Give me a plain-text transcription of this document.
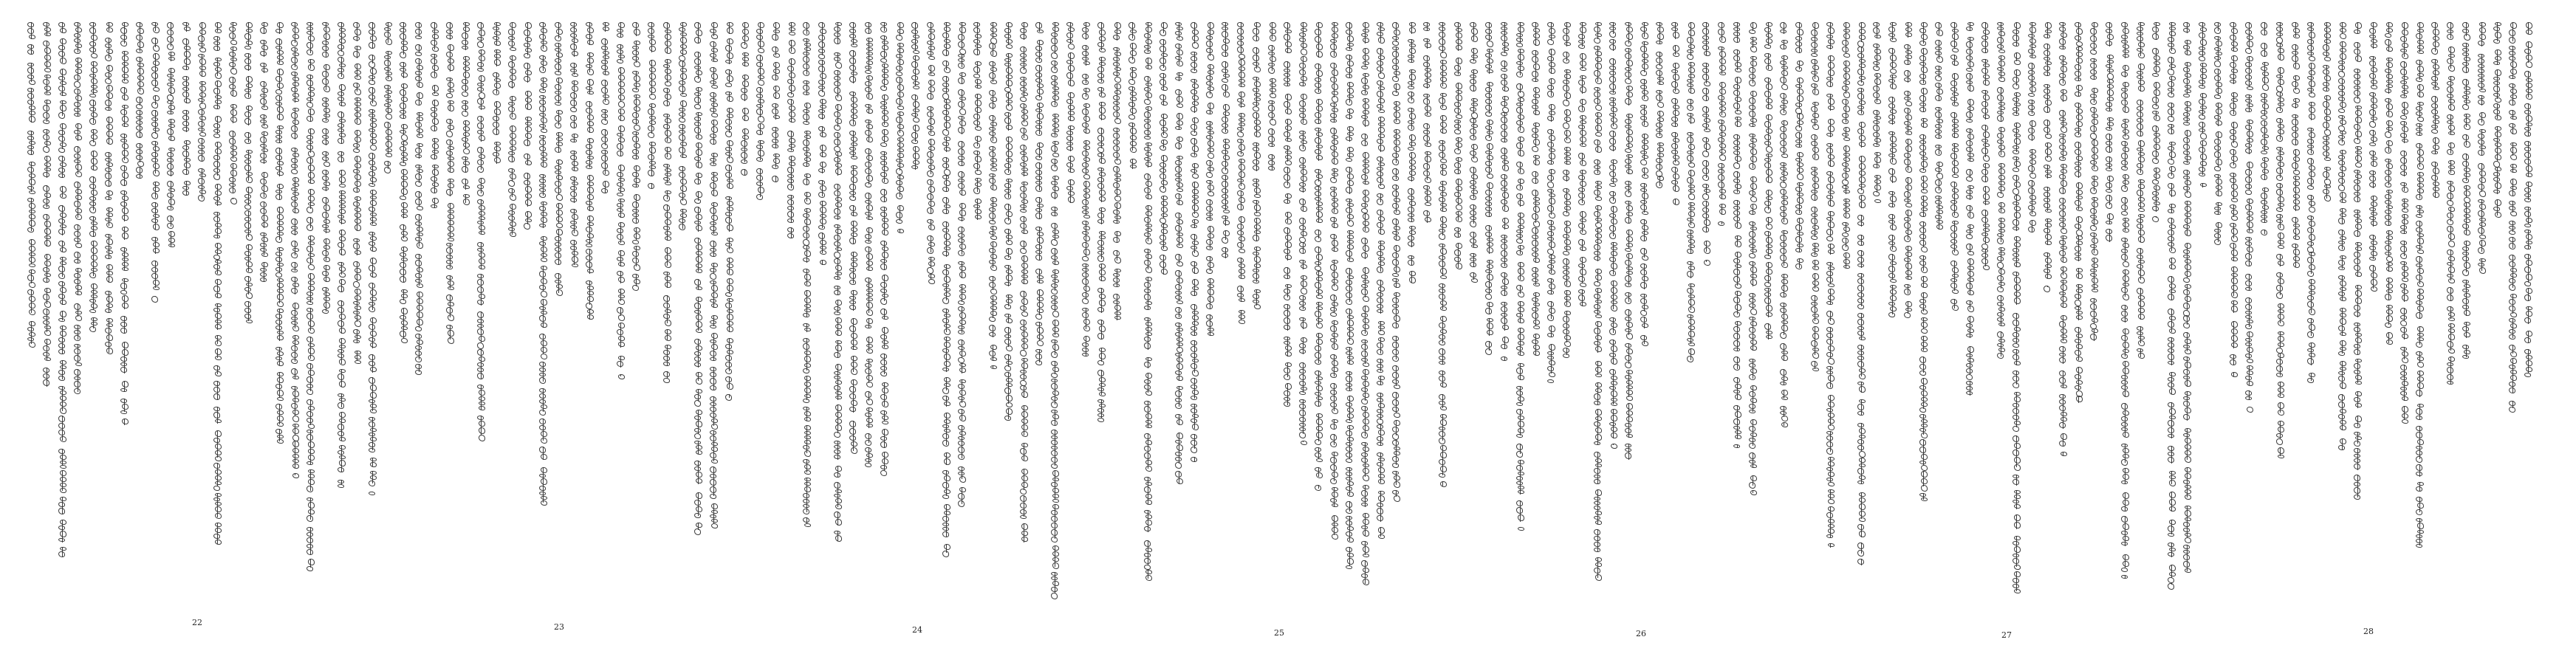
22	23	24	25	26	27	28
